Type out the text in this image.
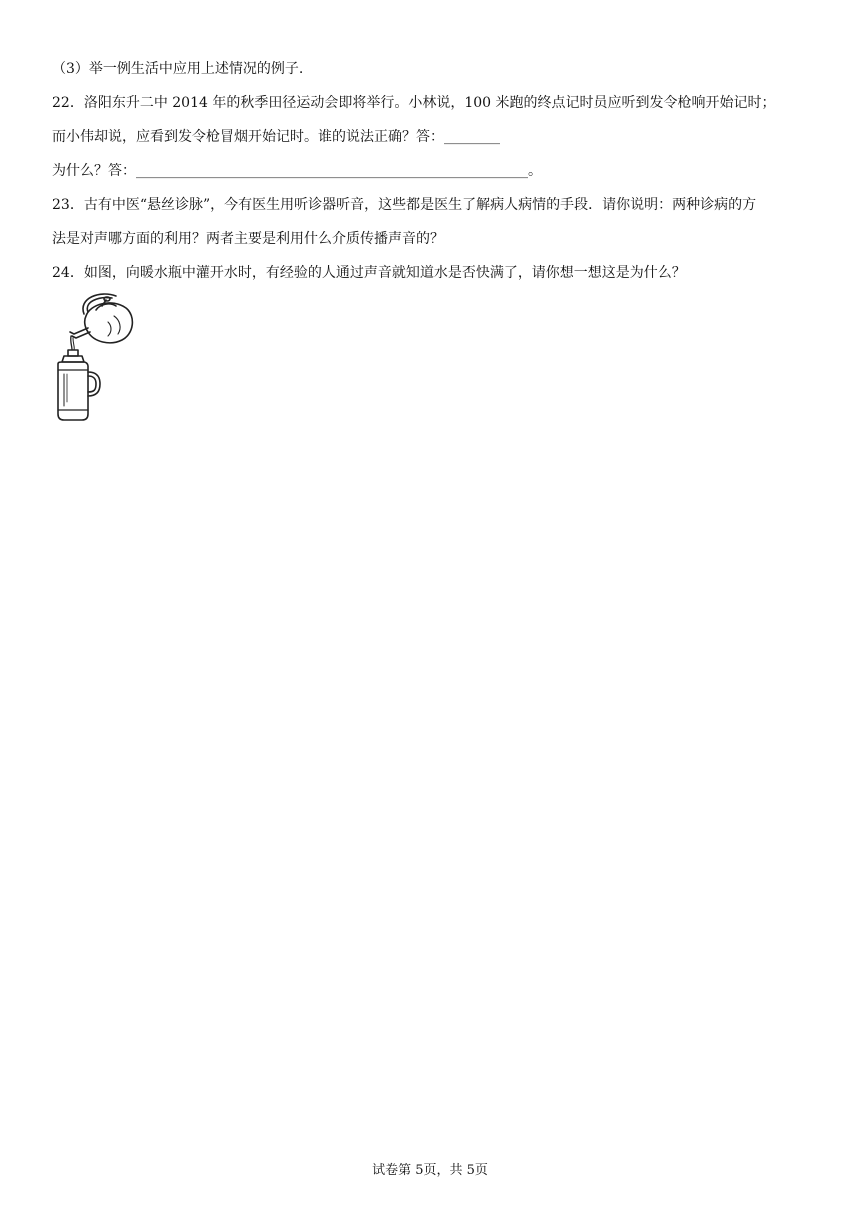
（3）举一例生活中应用上述情况的例子.
22．洛阳东升二中 2014 年的秋季田径运动会即将举行。小林说，100 米跑的终点记时员应听到发令枪响开始记时；
而小伟却说，应看到发令枪冒烟开始记时。谁的说法正确？答：________
为什么？答：________________________________________________________。
23．古有中医“悬丝诊脉”，今有医生用听诊器听音，这些都是医生了解病人病情的手段．请你说明：两种诊病的方
法是对声哪方面的利用？两者主要是利用什么介质传播声音的？
24．如图，向暖水瓶中灌开水时，有经验的人通过声音就知道水是否快满了，请你想一想这是为什么？
试卷第 5页，共 5页
